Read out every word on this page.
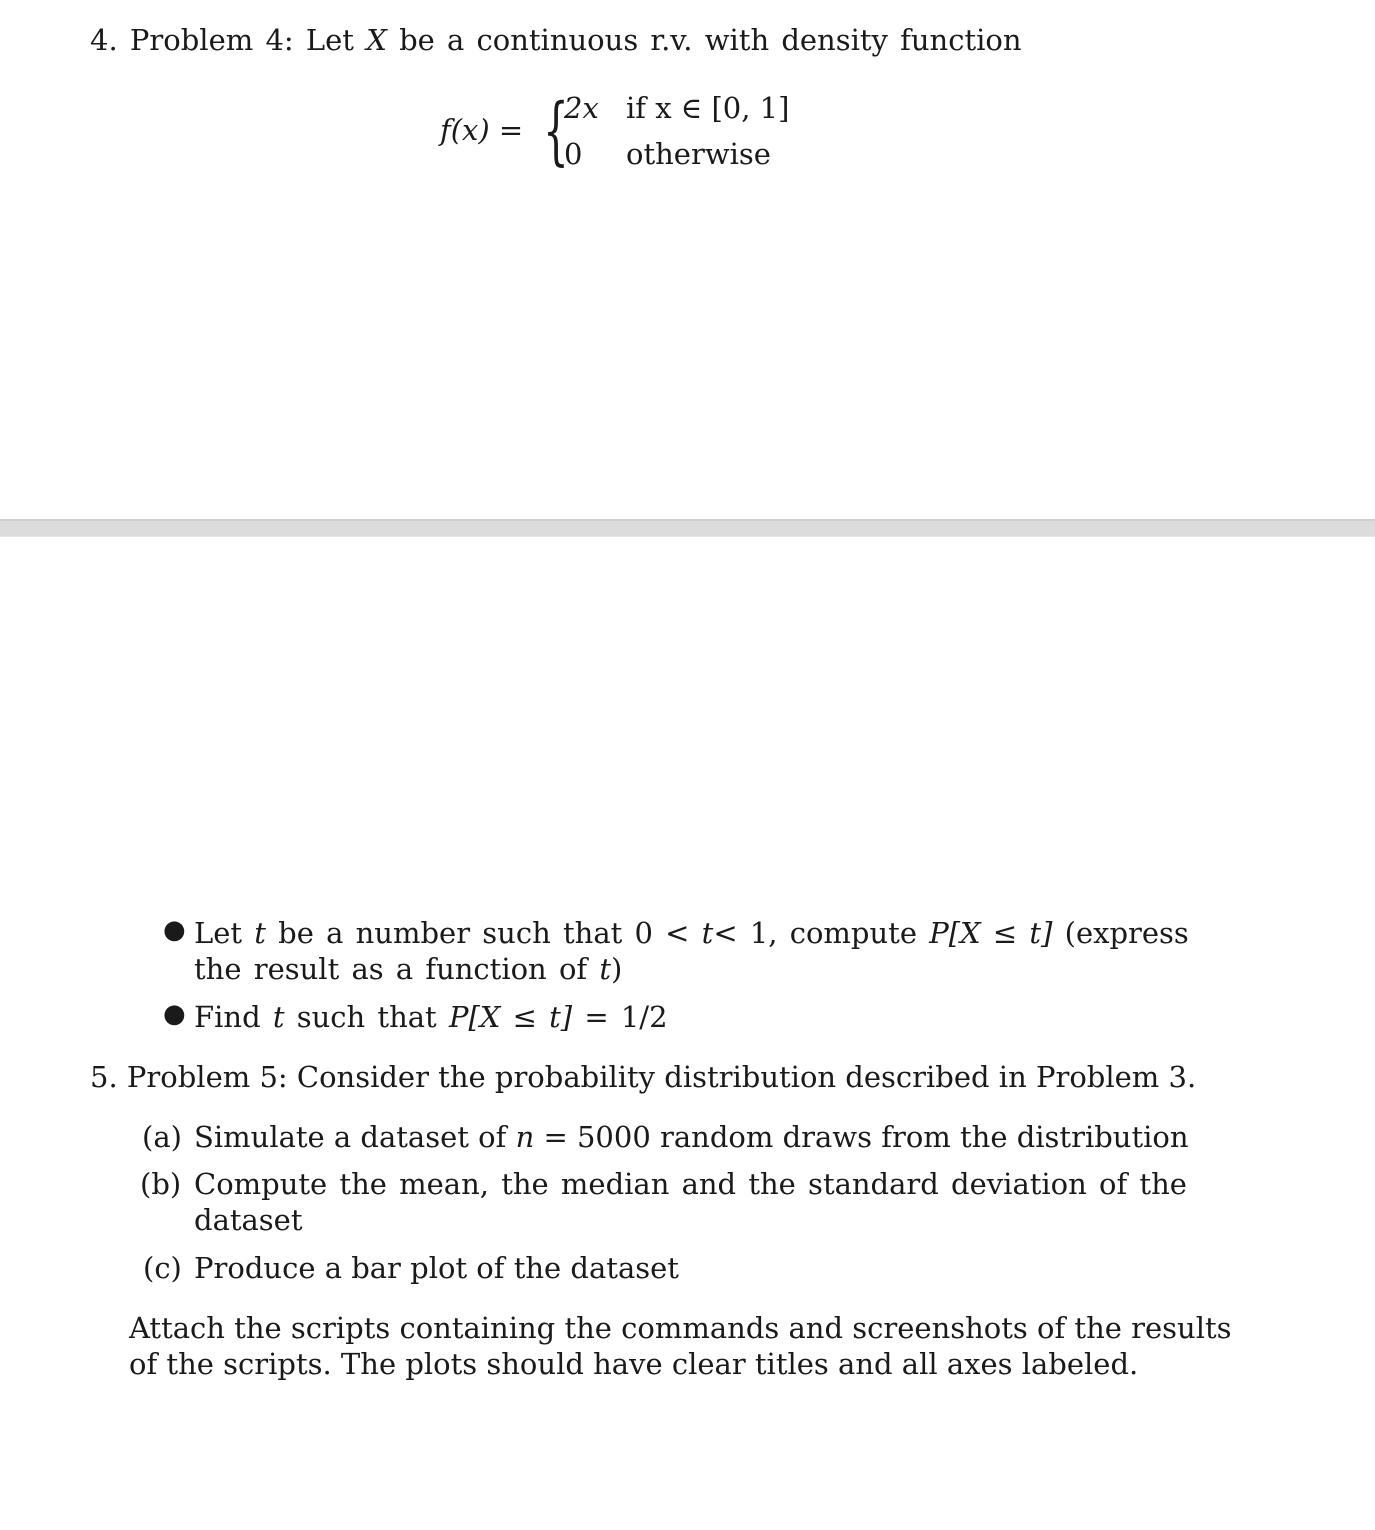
4. Problem 4: Let X be a continuous r.v. with density function
f(x) = {
2x if x ∈ [0, 1]
0 otherwise
● Let t be a number such that 0 < t< 1, compute P[X ≤ t] (express
the result as a function of t)
● Find t such that P[X ≤ t] = 1/2
5. Problem 5: Consider the probability distribution described in Problem 3.
(a) Simulate a dataset of n = 5000 random draws from the distribution
(b) Compute the mean, the median and the standard deviation of the
dataset
(c) Produce a bar plot of the dataset
Attach the scripts containing the commands and screenshots of the results
of the scripts. The plots should have clear titles and all axes labeled.
